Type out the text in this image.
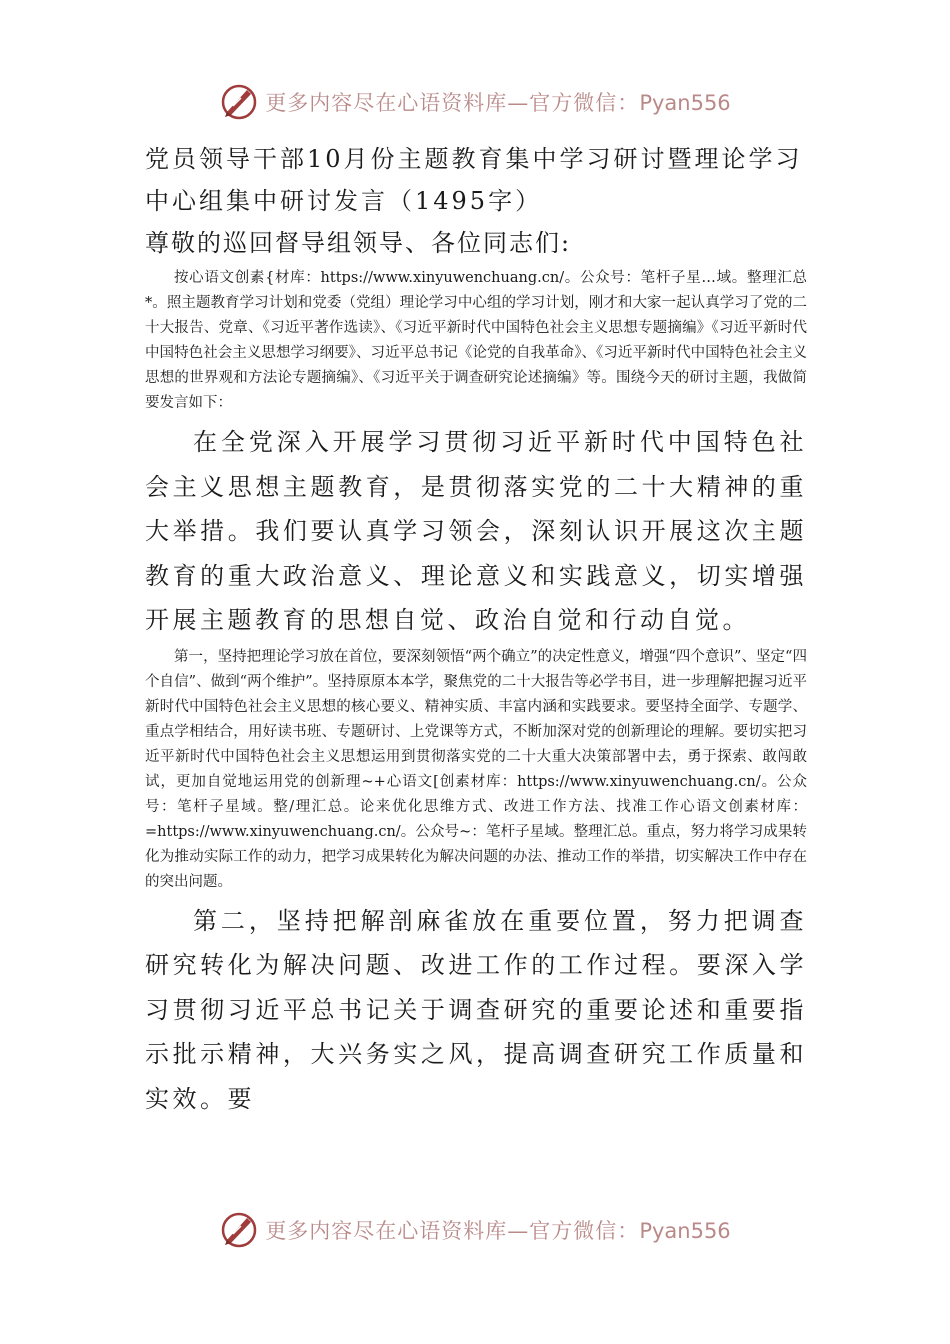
更多内容尽在心语资料库—官方微信：Pyan556
党员领导干部10月份主题教育集中学习研讨暨理论学习中心组集中研讨发言（1495字）

尊敬的巡回督导组领导、各位同志们:

按心语文创素{材库：https://www.xinyuwenchuang.cn/。公众号：笔杆子星…域。整理汇总*。照主题教育学习计划和党委（党组）理论学习中心组的学习计划，刚才和大家一起认真学习了党的二十大报告、党章、《习近平著作选读》、《习近平新时代中国特色社会主义思想专题摘编》《习近平新时代中国特色社会主义思想学习纲要》、习近平总书记《论党的自我革命》、《习近平新时代中国特色社会主义思想的世界观和方法论专题摘编》、《习近平关于调查研究论述摘编》等。围绕今天的研讨主题，我做简要发言如下：

在全党深入开展学习贯彻习近平新时代中国特色社会主义思想主题教育，是贯彻落实党的二十大精神的重大举措。我们要认真学习领会，深刻认识开展这次主题教育的重大政治意义、理论意义和实践意义，切实增强开展主题教育的思想自觉、政治自觉和行动自觉。

第一，坚持把理论学习放在首位，要深刻领悟“两个确立”的决定性意义，增强“四个意识”、坚定“四个自信”、做到“两个维护”。坚持原原本本学，聚焦党的二十大报告等必学书目，进一步理解把握习近平新时代中国特色社会主义思想的核心要义、精神实质、丰富内涵和实践要求。要坚持全面学、专题学、重点学相结合，用好读书班、专题研讨、上党课等方式，不断加深对党的创新理论的理解。要切实把习近平新时代中国特色社会主义思想运用到贯彻落实党的二十大重大决策部署中去，勇于探索、敢闯敢试，更加自觉地运用党的创新理~+心语文[创素材库：https://www.xinyuwenchuang.cn/。公众号：笔杆子星域。整/理汇总。论来优化思维方式、改进工作方法、找准工作心语文创素材库：=https://www.xinyuwenchuang.cn/。公众号~：笔杆子星域。整理汇总。重点，努力将学习成果转化为推动实际工作的动力，把学习成果转化为解决问题的办法、推动工作的举措，切实解决工作中存在的突出问题。

第二，坚持把解剖麻雀放在重要位置，努力把调查研究转化为解决问题、改进工作的工作过程。要深入学习贯彻习近平总书记关于调查研究的重要论述和重要指示批示精神，大兴务实之风，提高调查研究工作质量和实效。要

更多内容尽在心语资料库—官方微信：Pyan556
